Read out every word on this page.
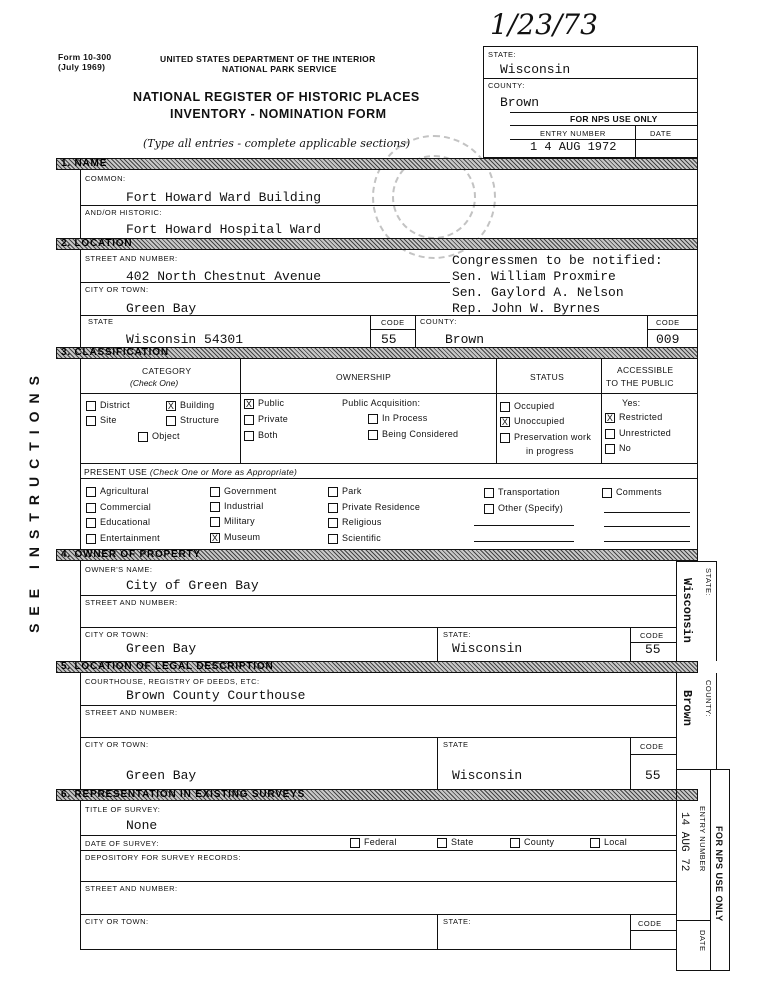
1/23/73
Form 10-300
(July 1969)
UNITED STATES DEPARTMENT OF THE INTERIOR
NATIONAL PARK SERVICE
NATIONAL REGISTER OF HISTORIC PLACES
INVENTORY - NOMINATION FORM
(Type all entries - complete applicable sections)
STATE:
Wisconsin
COUNTY:
Brown
FOR NPS USE ONLY
ENTRY NUMBER	DATE
1 4 AUG 1972
1. NAME
COMMON:
Fort Howard Ward Building
AND/OR HISTORIC:
Fort Howard Hospital Ward
2. LOCATION
STREET AND NUMBER:
402 North Chestnut Avenue
CITY OR TOWN:
Green Bay
STATE
Wisconsin 54301
CODE
55
COUNTY:
Brown
CODE
009
Congressmen to be notified:
Sen. William Proxmire
Sen. Gaylord A. Nelson
Rep. John W. Byrnes
3. CLASSIFICATION
CATEGORY
(Check One)
OWNERSHIP	STATUS
ACCESSIBLE
TO THE PUBLIC
District	X Building
Site	Structure
Object
X Public
Private
Both
Public Acquisition:
In Process
Being Considered
Occupied
X Unoccupied
Preservation work
in progress
Yes:
X Restricted
Unrestricted
No
PRESENT USE (Check One or More as Appropriate)
Agricultural
Commercial
Educational
Entertainment
Government
Industrial
Military
X Museum
Park
Private Residence
Religious
Scientific
Transportation
Other (Specify)
Comments
SEE INSTRUCTIONS	4. OWNER OF PROPERTY
OWNER'S NAME:
City of Green Bay
STREET AND NUMBER:
CITY OR TOWN:
Green Bay
STATE:
Wisconsin
CODE
55
STATE:
Wisconsin
5. LOCATION OF LEGAL DESCRIPTION
COURTHOUSE, REGISTRY OF DEEDS, ETC:
Brown County Courthouse
STREET AND NUMBER:
CITY OR TOWN:
Green Bay
STATE
Wisconsin
CODE
55
COUNTY:
Brown
6. REPRESENTATION IN EXISTING SURVEYS
TITLE OF SURVEY:
None
DATE OF SURVEY:	Federal	State	County	Local
DEPOSITORY FOR SURVEY RECORDS:
STREET AND NUMBER:
CITY OR TOWN:	STATE:	CODE
FOR NPS USE ONLY
ENTRY NUMBER
14 AUG 72
DATE
